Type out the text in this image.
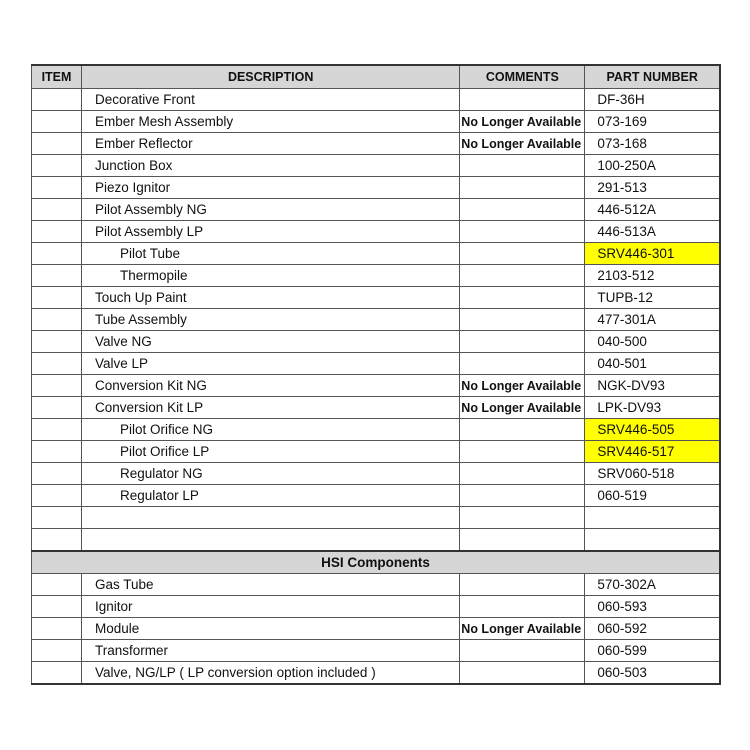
ITEM	DESCRIPTION	COMMENTS	PART NUMBER
	Decorative Front		DF-36H
	Ember Mesh Assembly	No Longer Available	073-169
	Ember Reflector	No Longer Available	073-168
	Junction Box		100-250A
	Piezo Ignitor		291-513
	Pilot Assembly NG		446-512A
	Pilot Assembly LP		446-513A
	Pilot Tube		SRV446-301
	Thermopile		2103-512
	Touch Up Paint		TUPB-12
	Tube Assembly		477-301A
	Valve NG		040-500
	Valve LP		040-501
	Conversion Kit NG	No Longer Available	NGK-DV93
	Conversion Kit LP	No Longer Available	LPK-DV93
	Pilot Orifice NG		SRV446-505
	Pilot Orifice LP		SRV446-517
	Regulator NG		SRV060-518
	Regulator LP		060-519

HSI Components			
	Gas Tube		570-302A
	Ignitor		060-593
	Module	No Longer Available	060-592
	Transformer		060-599
	Valve, NG/LP ( LP conversion option included )		060-503
